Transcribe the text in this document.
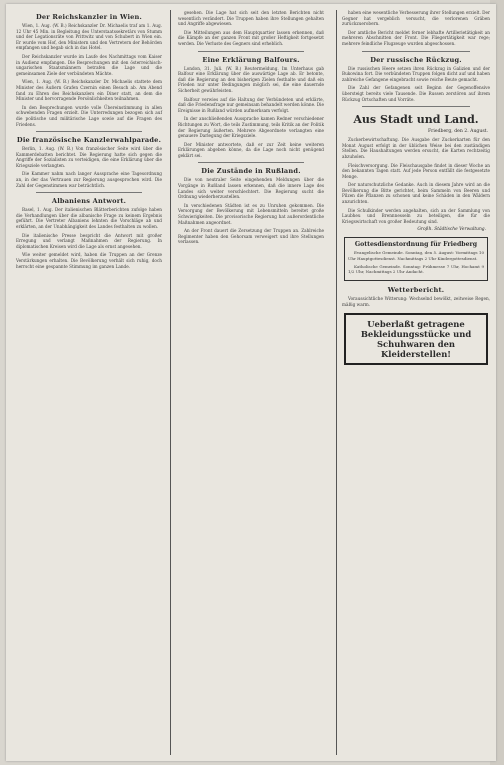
Der Reichskanzler in Wien.

Wien, 1. Aug. (W. B.) Reichskanzler Dr. Michaelis traf am 1. Aug. 12 Uhr 45 Min. in Begleitung des Unterstaatssekretärs von Stumm und der Legationsräte von Prittwitz und von Schubert in Wien ein. Er wurde vom Hof, den Ministern und den Vertretern der Behörden empfangen und begab sich in das Hotel.

Der Reichskanzler wurde im Laufe des Nachmittags vom Kaiser in Audienz empfangen. Die Besprechungen mit den österreichisch-ungarischen Staatsmännern betrafen die Lage und die gemeinsamen Ziele der verbündeten Mächte.

Wien, 1. Aug. (W. B.) Reichskanzler Dr. Michaelis stattete dem Minister des Äußern Grafen Czernin einen Besuch ab. Am Abend fand zu Ehren des Reichskanzlers ein Diner statt, an dem die Minister und hervorragende Persönlichkeiten teilnahmen.

In den Besprechungen wurde volle Übereinstimmung in allen schwebenden Fragen erzielt. Die Unterredungen bezogen sich auf die politische und militärische Lage sowie auf die Fragen des Friedens.

Die französische Kanzlerwahlparade.

Berlin, 1. Aug. (W. B.) Von französischer Seite wird über die Kammerdebatten berichtet. Die Regierung hatte sich gegen die Angriffe der Sozialisten zu verteidigen, die eine Erklärung über die Kriegsziele verlangten.

Die Kammer nahm nach langer Aussprache eine Tagesordnung an, in der das Vertrauen zur Regierung ausgesprochen wird. Die Zahl der Gegenstimmen war beträchtlich.

Albaniens Antwort.

Basel, 1. Aug. Der italienischen Blätterberichten zufolge haben die Verhandlungen über die albanische Frage zu keinem Ergebnis geführt. Die Vertreter Albaniens lehnten die Vorschläge ab und erklärten, an der Unabhängigkeit des Landes festhalten zu wollen.

Die italienische Presse bespricht die Antwort mit großer Erregung und verlangt Maßnahmen der Regierung. In diplomatischen Kreisen wird die Lage als ernst angesehen.

Wie weiter gemeldet wird, haben die Truppen an der Grenze Verstärkungen erhalten. Die Bevölkerung verhält sich ruhig, doch herrscht eine gespannte Stimmung im ganzen Lande.

gesehen. Die Lage hat sich seit den letzten Berichten nicht wesentlich verändert. Die Truppen haben ihre Stellungen gehalten und Angriffe abgewiesen.

Die Mitteilungen aus dem Hauptquartier lassen erkennen, daß die Kämpfe an der ganzen Front mit großer Heftigkeit fortgesetzt werden. Die Verluste des Gegners sind erheblich.

Eine Erklärung Balfours.

London, 31. Juli. (W. B.) Reutermeldung. Im Unterhaus gab Balfour eine Erklärung über die auswärtige Lage ab. Er betonte, daß die Regierung an den bisherigen Zielen festhalte und daß ein Frieden nur unter Bedingungen möglich sei, die eine dauernde Sicherheit gewährleisten.

Balfour verwies auf die Haltung der Verbündeten und erklärte, daß die Friedensfrage nur gemeinsam behandelt werden könne. Die Ereignisse in Rußland würden aufmerksam verfolgt.

In der anschließenden Aussprache kamen Redner verschiedener Richtungen zu Wort, die teils Zustimmung, teils Kritik an der Politik der Regierung äußerten. Mehrere Abgeordnete verlangten eine genauere Darlegung der Kriegsziele.

Der Minister antwortete, daß er zur Zeit keine weiteren Erklärungen abgeben könne, da die Lage noch nicht genügend geklärt sei.

Die Zustände in Rußland.

Die von neutraler Seite eingehenden Meldungen über die Vorgänge in Rußland lassen erkennen, daß die innere Lage des Landes sich weiter verschlechtert. Die Regierung sucht die Ordnung wiederherzustellen.

In verschiedenen Städten ist es zu Unruhen gekommen. Die Versorgung der Bevölkerung mit Lebensmitteln bereitet große Schwierigkeiten. Die provisorische Regierung hat außerordentliche Maßnahmen angeordnet.

An der Front dauert die Zersetzung der Truppen an. Zahlreiche Regimenter haben den Gehorsam verweigert und ihre Stellungen verlassen.

haben eine wesentliche Verbesserung ihrer Stellungen erzielt. Der Gegner hat vergeblich versucht, die verlorenen Gräben zurückzuerobern.

Der amtliche Bericht meldet ferner lebhafte Artillerietätigkeit an mehreren Abschnitten der Front. Die Fliegertätigkeit war rege; mehrere feindliche Flugzeuge wurden abgeschossen.

Der russische Rückzug.

Die russischen Heere setzen ihren Rückzug in Galizien und der Bukowina fort. Die verbündeten Truppen folgen dicht auf und haben zahlreiche Gefangene eingebracht sowie reiche Beute gemacht.

Die Zahl der Gefangenen seit Beginn der Gegenoffensive übersteigt bereits viele Tausende. Die Russen zerstören auf ihrem Rückzug Ortschaften und Vorräte.

Aus Stadt und Land.
Friedberg, den 2. August.

Zuckerbewirtschaftung. Die Ausgabe der Zuckerkarten für den Monat August erfolgt in der üblichen Weise bei den zuständigen Stellen. Die Haushaltungen werden ersucht, die Karten rechtzeitig abzuholen.

Fleischversorgung. Die Fleischausgabe findet in dieser Woche an den bekannten Tagen statt. Auf jede Person entfällt die festgesetzte Menge.

Der naturschutzliche Gedanke. Auch in diesem Jahre wird an die Bevölkerung die Bitte gerichtet, beim Sammeln von Beeren und Pilzen die Pflanzen zu schonen und keine Schäden in den Wäldern anzurichten.

Die Schulkinder werden angehalten, sich an der Sammlung von Laubheu und Brennnesseln zu beteiligen, die für die Kriegswirtschaft von großer Bedeutung sind.

Großh. Städtische Verwaltung.
Gottesdienstordnung für Friedberg

Evangelische Gemeinde. Sonntag, den 5. August: Vormittags 10 Uhr Hauptgottesdienst. Nachmittags 2 Uhr Kindergottesdienst.

Katholische Gemeinde. Sonntag: Frühmesse 7 Uhr, Hochamt 9 1/2 Uhr, Nachmittags 2 Uhr Andacht.

Wetterbericht.

Voraussichtliche Witterung: Wechselnd bewölkt, zeitweise Regen, mäßig warm.

Ueberlaßt getragene Bekleidungsstücke und Schuhwaren den Kleiderstellen!
